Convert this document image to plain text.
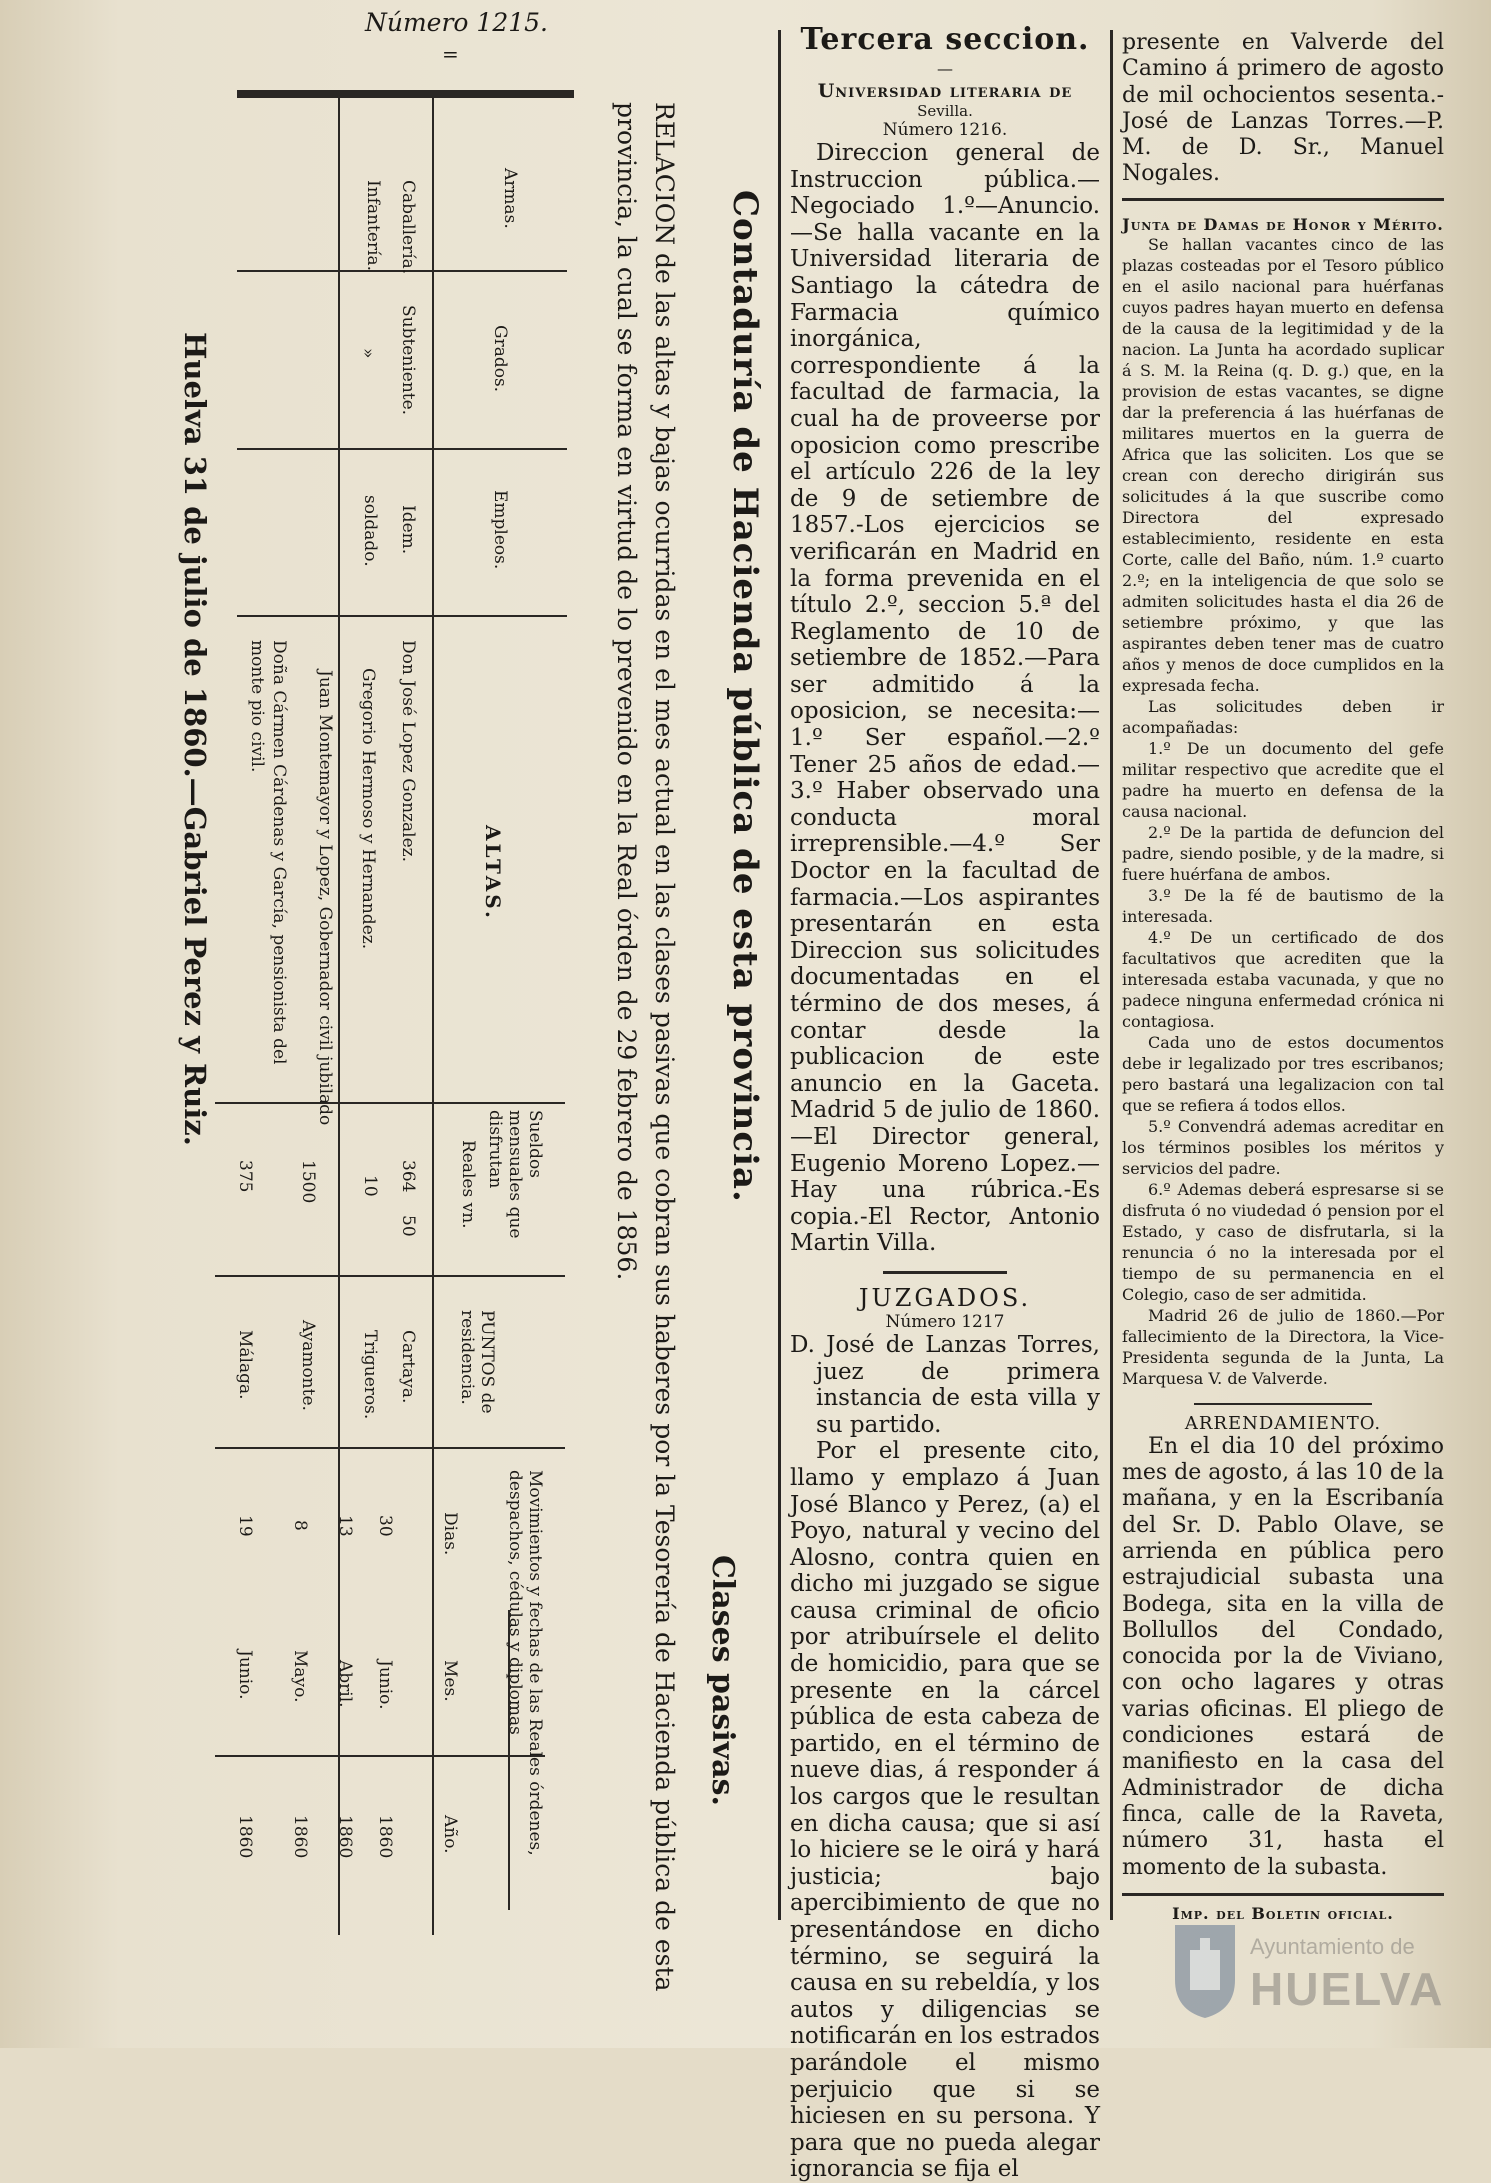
Número 1215.
=
Contaduría de Hacienda pública de esta provincia.
RELACION de las altas y bajas ocurridas en el mes actual en las clases pasivas que cobran sus haberes por la Tesorería de Hacienda pública de esta provincia, la cual se forma en virtud de lo prevenido en la Real órden de 29 febrero de 1856.
Clases pasivas.
Huelva 31 de julio de 1860.—Gabriel Perez y Ruiz.
Armas.
Grados.
Empleos.
ALTAS.
Sueldos mensuales que disfrutan
Reales vn.
PUNTOS de residencia.
Movimientos y fechas de las Reales órdenes, despachos, cédulas y diplomas
Dias.
Mes.
Año.
Caballería.
Subteniente.
Idem.
Don José Lopez Gonzalez.
364
50
Cartaya.
30
Junio.
1860
Infantería.
»
soldado.
Gregorio Hermoso y Hernandez.
10
Trigueros.
13
Abril.
1860
Juan Montemayor y Lopez, Gobernador civil jubilado
1500
Ayamonte.
8
Mayo.
1860
Doña Cármen Cárdenas y García, pensionista del monte pio civil.
375
Málaga.
19
Junio.
1860
Tercera seccion.
—
Universidad literaria de
Sevilla.
Número 1216.

Direccion general de Instruccion pública.—Negociado 1.º—Anuncio.—Se halla vacante en la Universidad literaria de Santiago la cátedra de Farmacia químico inorgánica, correspondiente á la facultad de farmacia, la cual ha de proveerse por oposicion como prescribe el artículo 226 de la ley de 9 de setiembre de 1857.-Los ejercicios se verificarán en Madrid en la forma prevenida en el título 2.º, seccion 5.ª del Reglamento de 10 de setiembre de 1852.—Para ser admitido á la oposicion, se necesita:—1.º Ser español.—2.º Tener 25 años de edad.—3.º Haber observado una conducta moral irreprensible.—4.º Ser Doctor en la facultad de farmacia.—Los aspirantes presentarán en esta Direccion sus solicitudes documentadas en el término de dos meses, á contar desde la publicacion de este anuncio en la Gaceta. Madrid 5 de julio de 1860.—El Director general, Eugenio Moreno Lopez.—Hay una rúbrica.-Es copia.-El Rector, Antonio Martin Villa.

JUZGADOS.
Número 1217

D. José de Lanzas Torres, juez de primera instancia de esta villa y su partido.

Por el presente cito, llamo y emplazo á Juan José Blanco y Perez, (a) el Poyo, natural y vecino del Alosno, contra quien en dicho mi juzgado se sigue causa criminal de oficio por atribuírsele el delito de homicidio, para que se presente en la cárcel pública de esta cabeza de partido, en el término de nueve dias, á responder á los cargos que le resultan en dicha causa; que si así lo hiciere se le oirá y hará justicia; bajo apercibimiento de que no presentándose en dicho término, se seguirá la causa en su rebeldía, y los autos y diligencias se notificarán en los estrados parándole el mismo perjuicio que si se hiciesen en su persona. Y para que no pueda alegar ignorancia se fija el

presente en Valverde del Camino á primero de agosto de mil ochocientos sesenta.-José de Lanzas Torres.—P. M. de D. Sr., Manuel Nogales.

Junta de Damas de Honor y Mérito.

Se hallan vacantes cinco de las plazas costeadas por el Tesoro público en el asilo nacional para huérfanas cuyos padres hayan muerto en defensa de la causa de la legitimidad y de la nacion. La Junta ha acordado suplicar á S. M. la Reina (q. D. g.) que, en la provision de estas vacantes, se digne dar la preferencia á las huérfanas de militares muertos en la guerra de Africa que las soliciten. Los que se crean con derecho dirigirán sus solicitudes á la que suscribe como Directora del expresado establecimiento, residente en esta Corte, calle del Baño, núm. 1.º cuarto 2.º; en la inteligencia de que solo se admiten solicitudes hasta el dia 26 de setiembre próximo, y que las aspirantes deben tener mas de cuatro años y menos de doce cumplidos en la expresada fecha.

Las solicitudes deben ir acompañadas:

1.º De un documento del gefe militar respectivo que acredite que el padre ha muerto en defensa de la causa nacional.

2.º De la partida de defuncion del padre, siendo posible, y de la madre, si fuere huérfana de ambos.

3.º De la fé de bautismo de la interesada.

4.º De un certificado de dos facultativos que acrediten que la interesada estaba vacunada, y que no padece ninguna enfermedad crónica ni contagiosa.

Cada uno de estos documentos debe ir legalizado por tres escribanos; pero bastará una legalizacion con tal que se refiera á todos ellos.

5.º Convendrá ademas acreditar en los términos posibles los méritos y servicios del padre.

6.º Ademas deberá espresarse si se disfruta ó no viudedad ó pension por el Estado, y caso de disfrutarla, si la renuncia ó no la interesada por el tiempo de su permanencia en el Colegio, caso de ser admitida.

Madrid 26 de julio de 1860.—Por fallecimiento de la Directora, la Vice-Presidenta segunda de la Junta, La Marquesa V. de Valverde.

ARRENDAMIENTO.

En el dia 10 del próximo mes de agosto, á las 10 de la mañana, y en la Escribanía del Sr. D. Pablo Olave, se arrienda en pública pero estrajudicial subasta una Bodega, sita en la villa de Bollullos del Condado, conocida por la de Viviano, con ocho lagares y otras varias oficinas. El pliego de condiciones estará de manifiesto en la casa del Administrador de dicha finca, calle de la Raveta, número 31, hasta el momento de la subasta.

Imp. del Boletin oficial.
Ayuntamiento de
HUELVA
